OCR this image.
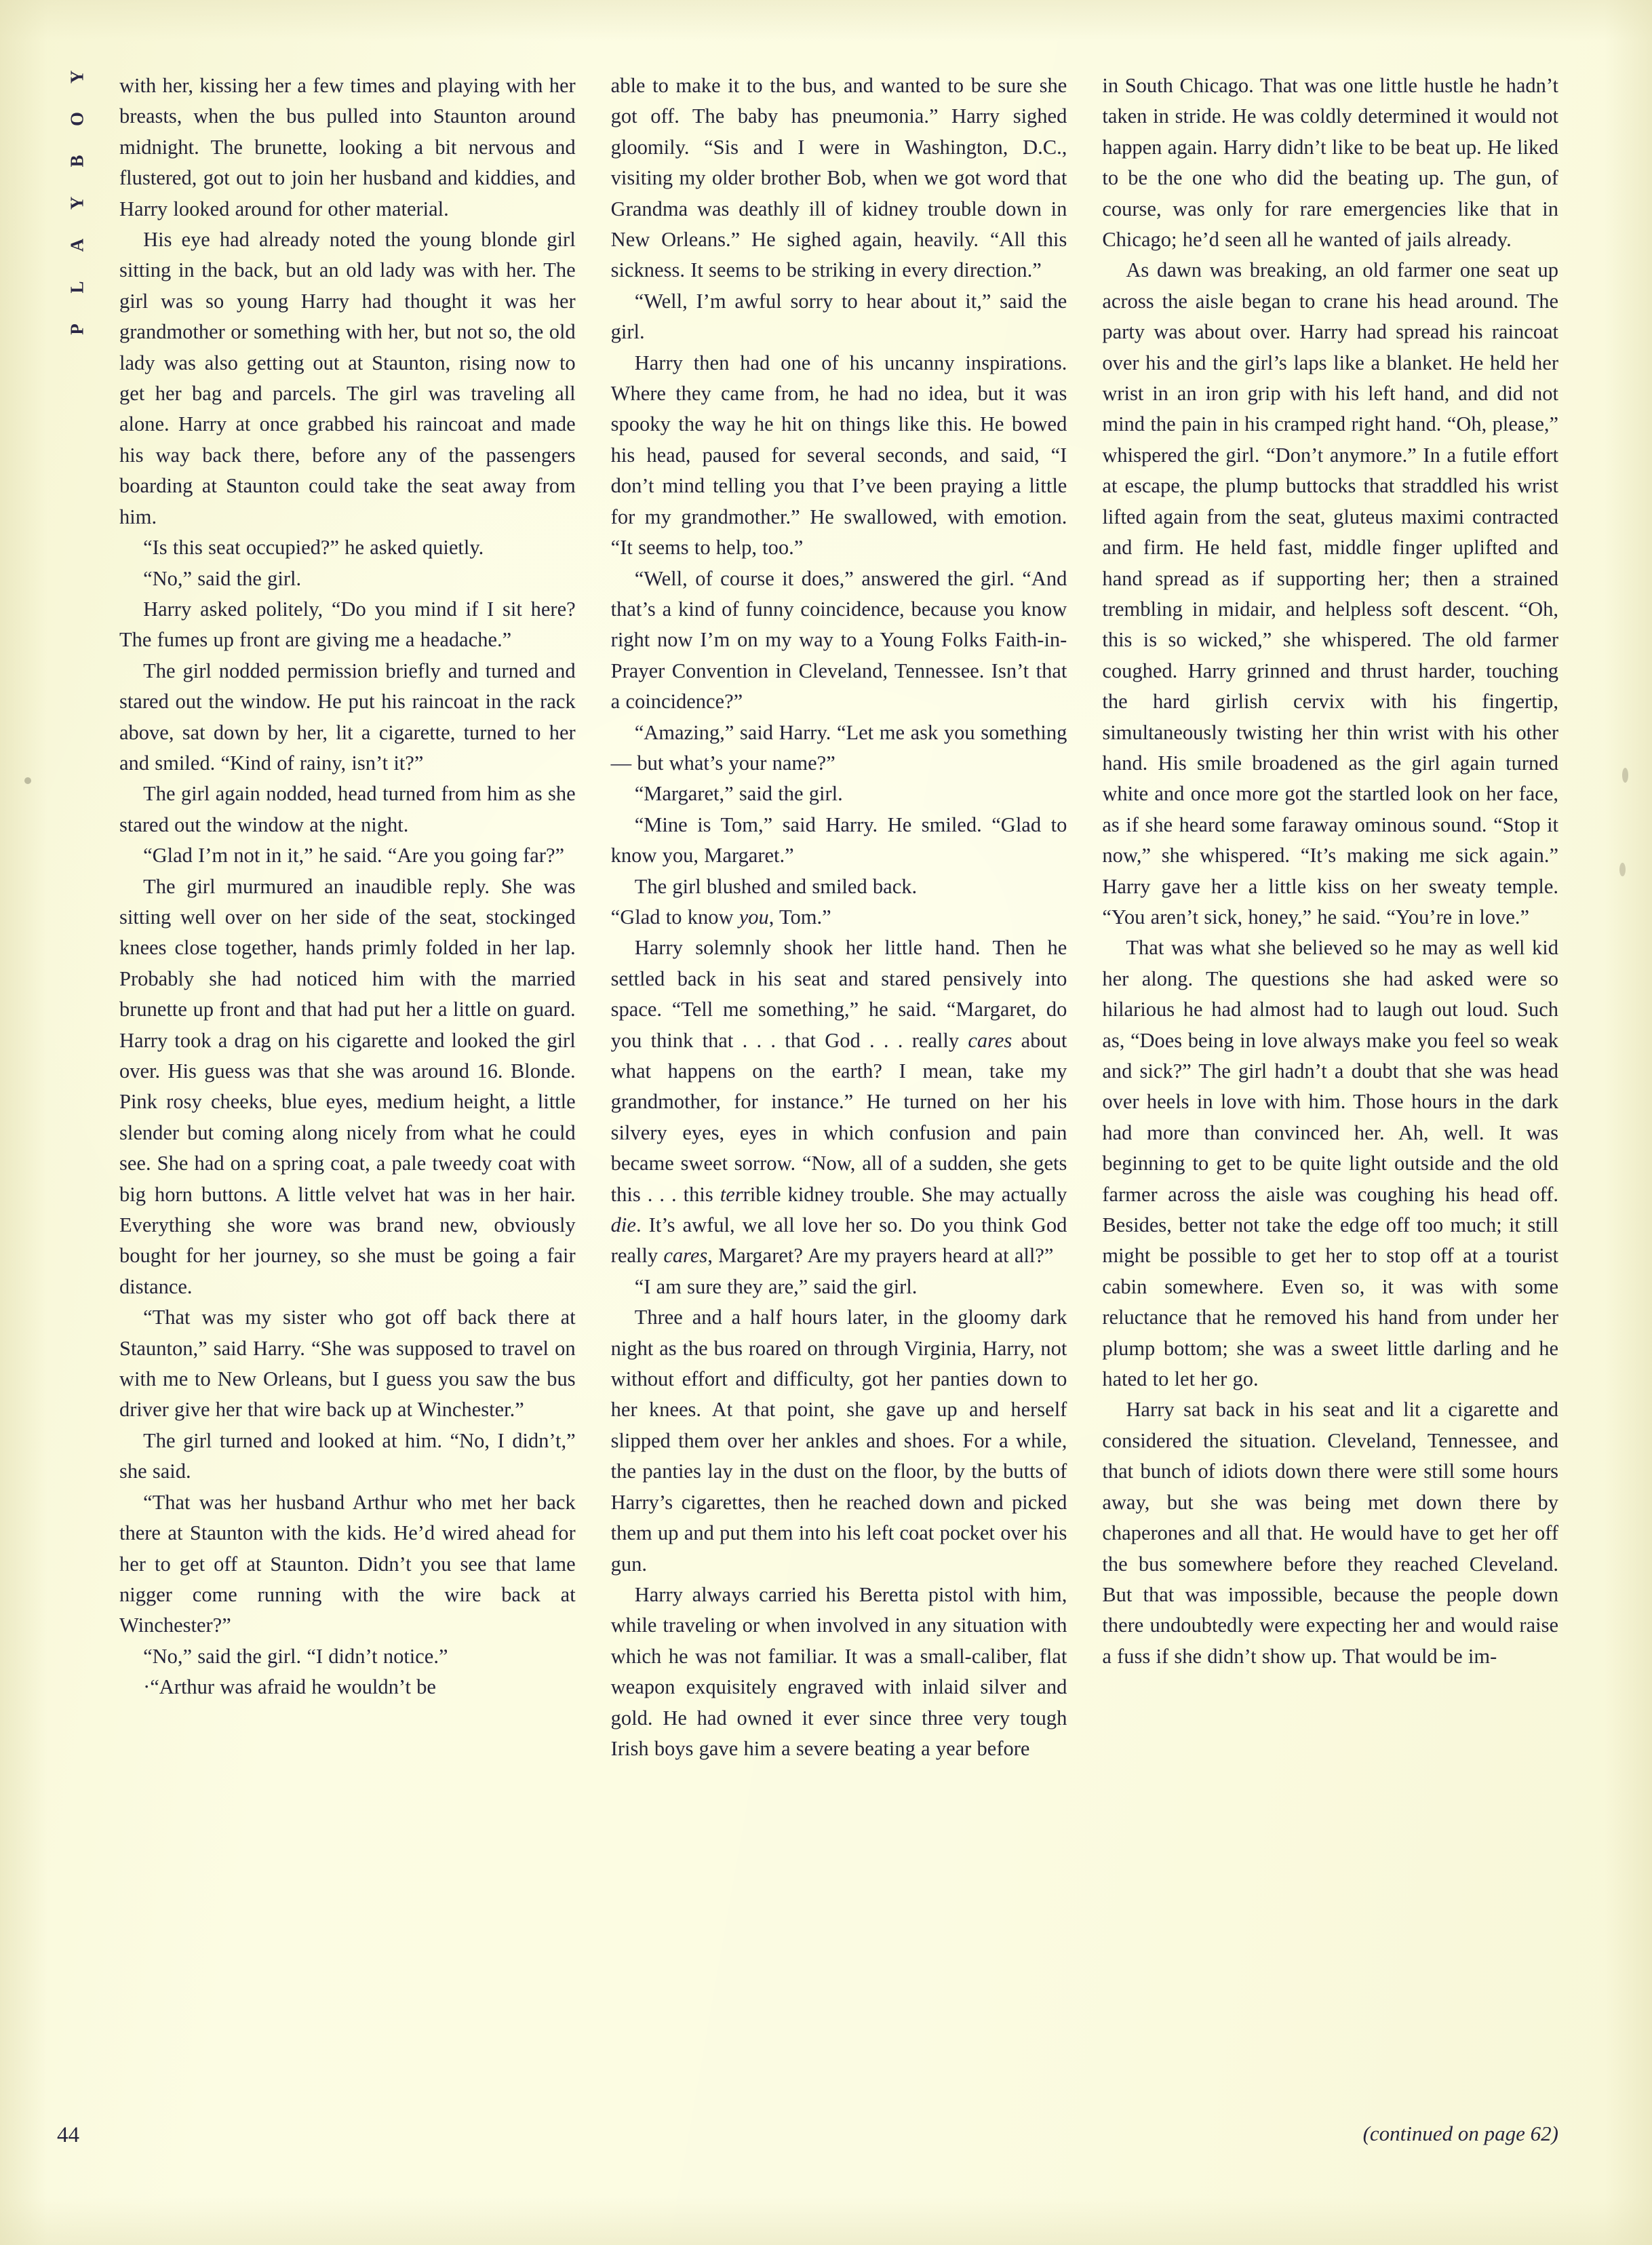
Y
O
B
Y
A
L
P

with her, kissing her a few times and playing with her breasts, when the bus pulled into Staunton around midnight. The brunette, looking a bit nervous and flustered, got out to join her husband and kiddies, and Harry looked around for other material.

His eye had already noted the young blonde girl sitting in the back, but an old lady was with her. The girl was so young Harry had thought it was her grandmother or something with her, but not so, the old lady was also getting out at Staunton, rising now to get her bag and parcels. The girl was traveling all alone. Harry at once grabbed his raincoat and made his way back there, before any of the passengers boarding at Staunton could take the seat away from him.

“Is this seat occupied?” he asked quietly.

“No,” said the girl.

Harry asked politely, “Do you mind if I sit here? The fumes up front are giving me a headache.”

The girl nodded permission briefly and turned and stared out the window. He put his raincoat in the rack above, sat down by her, lit a cigarette, turned to her and smiled. “Kind of rainy, isn’t it?”

The girl again nodded, head turned from him as she stared out the window at the night.

“Glad I’m not in it,” he said. “Are you going far?”

The girl murmured an inaudible reply. She was sitting well over on her side of the seat, stockinged knees close together, hands primly folded in her lap. Probably she had noticed him with the married brunette up front and that had put her a little on guard. Harry took a drag on his cigarette and looked the girl over. His guess was that she was around 16. Blonde. Pink rosy cheeks, blue eyes, medium height, a little slender but coming along nicely from what he could see. She had on a spring coat, a pale tweedy coat with big horn buttons. A little velvet hat was in her hair. Everything she wore was brand new, obviously bought for her journey, so she must be going a fair distance.

“That was my sister who got off back there at Staunton,” said Harry. “She was supposed to travel on with me to New Orleans, but I guess you saw the bus driver give her that wire back up at Winchester.”

The girl turned and looked at him. “No, I didn’t,” she said.

“That was her husband Arthur who met her back there at Staunton with the kids. He’d wired ahead for her to get off at Staunton. Didn’t you see that lame nigger come running with the wire back at Winchester?”

“No,” said the girl. “I didn’t notice.”

·“Arthur was afraid he wouldn’t be

able to make it to the bus, and wanted to be sure she got off. The baby has pneumonia.” Harry sighed gloomily. “Sis and I were in Washington, D.C., visiting my older brother Bob, when we got word that Grandma was deathly ill of kidney trouble down in New Orleans.” He sighed again, heavily. “All this sickness. It seems to be striking in every direction.”

“Well, I’m awful sorry to hear about it,” said the girl.

Harry then had one of his uncanny inspirations. Where they came from, he had no idea, but it was spooky the way he hit on things like this. He bowed his head, paused for several seconds, and said, “I don’t mind telling you that I’ve been praying a little for my grandmother.” He swallowed, with emotion. “It seems to help, too.”

“Well, of course it does,” answered the girl. “And that’s a kind of funny coincidence, because you know right now I’m on my way to a Young Folks Faith-in-Prayer Convention in Cleveland, Tennessee. Isn’t that a coincidence?”

“Amazing,” said Harry. “Let me ask you something — but what’s your name?”

“Margaret,” said the girl.

“Mine is Tom,” said Harry. He smiled. “Glad to know you, Margaret.”

The girl blushed and smiled back.

“Glad to know you, Tom.”

Harry solemnly shook her little hand. Then he settled back in his seat and stared pensively into space. “Tell me something,” he said. “Margaret, do you think that . . . that God . . . really cares about what happens on the earth? I mean, take my grandmother, for instance.” He turned on her his silvery eyes, eyes in which confusion and pain became sweet sorrow. “Now, all of a sudden, she gets this . . . this terrible kidney trouble. She may actually die. It’s awful, we all love her so. Do you think God really cares, Margaret? Are my prayers heard at all?”

“I am sure they are,” said the girl.

Three and a half hours later, in the gloomy dark night as the bus roared on through Virginia, Harry, not without effort and difficulty, got her panties down to her knees. At that point, she gave up and herself slipped them over her ankles and shoes. For a while, the panties lay in the dust on the floor, by the butts of Harry’s cigarettes, then he reached down and picked them up and put them into his left coat pocket over his gun.

Harry always carried his Beretta pistol with him, while traveling or when involved in any situation with which he was not familiar. It was a small-caliber, flat weapon exquisitely engraved with inlaid silver and gold. He had owned it ever since three very tough Irish boys gave him a severe beating a year before

in South Chicago. That was one little hustle he hadn’t taken in stride. He was coldly determined it would not happen again. Harry didn’t like to be beat up. He liked to be the one who did the beating up. The gun, of course, was only for rare emergencies like that in Chicago; he’d seen all he wanted of jails already.

As dawn was breaking, an old farmer one seat up across the aisle began to crane his head around. The party was about over. Harry had spread his raincoat over his and the girl’s laps like a blanket. He held her wrist in an iron grip with his left hand, and did not mind the pain in his cramped right hand. “Oh, please,” whispered the girl. “Don’t anymore.” In a futile effort at escape, the plump buttocks that straddled his wrist lifted again from the seat, gluteus maximi contracted and firm. He held fast, middle finger uplifted and hand spread as if supporting her; then a strained trembling in midair, and helpless soft descent. “Oh, this is so wicked,” she whispered. The old farmer coughed. Harry grinned and thrust harder, touching the hard girlish cervix with his fingertip, simultaneously twisting her thin wrist with his other hand. His smile broadened as the girl again turned white and once more got the startled look on her face, as if she heard some faraway ominous sound. “Stop it now,” she whispered. “It’s making me sick again.” Harry gave her a little kiss on her sweaty temple. “You aren’t sick, honey,” he said. “You’re in love.”

That was what she believed so he may as well kid her along. The questions she had asked were so hilarious he had almost had to laugh out loud. Such as, “Does being in love always make you feel so weak and sick?” The girl hadn’t a doubt that she was head over heels in love with him. Those hours in the dark had more than convinced her. Ah, well. It was beginning to get to be quite light outside and the old farmer across the aisle was coughing his head off. Besides, better not take the edge off too much; it still might be possible to get her to stop off at a tourist cabin somewhere. Even so, it was with some reluctance that he removed his hand from under her plump bottom; she was a sweet little darling and he hated to let her go.

Harry sat back in his seat and lit a cigarette and considered the situation. Cleveland, Tennessee, and that bunch of idiots down there were still some hours away, but she was being met down there by chaperones and all that. He would have to get her off the bus somewhere before they reached Cleveland. But that was impossible, because the people down there undoubtedly were expecting her and would raise a fuss if she didn’t show up. That would be im-

44	(continued on page 62)
